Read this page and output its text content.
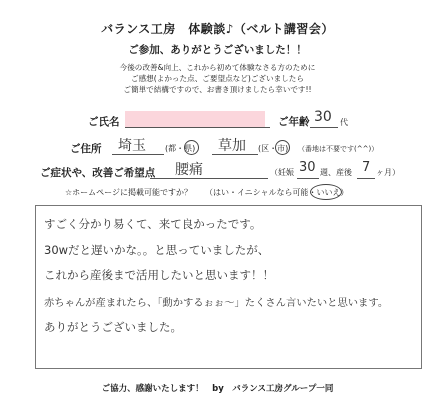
バランス工房　体験談♪（ベルト講習会）
ご参加、ありがとうございました！！
今後の改善&向上、これから初めて体験なさる方のために
ご感想(よかった点、ご要望点など)ございましたら
ご簡単で結構ですので、お書き頂けましたら幸いです!!
ご氏名	ご年齢 30 代
ご住所 埼玉 (都・県) 草加 (区・市) （番地は不要です(^^)）
ご症状や、改善ご希望点 腰痛	（妊娠 30 週、産後 7 ヶ月）
☆ホームページに掲載可能ですか？ （はい・イニシャルなら可能・いいえ）
すごく分かり易くて、来て良かったです。
30wだと遅いかな。。と思っていましたが、
これから産後まで活用したいと思います！！
赤ちゃんが産まれたら、「動かするぉぉ〜」たくさん言いたいと思います。
ありがとうございました。
ご協力、感謝いたします！　by　バランス工房グループ一同
